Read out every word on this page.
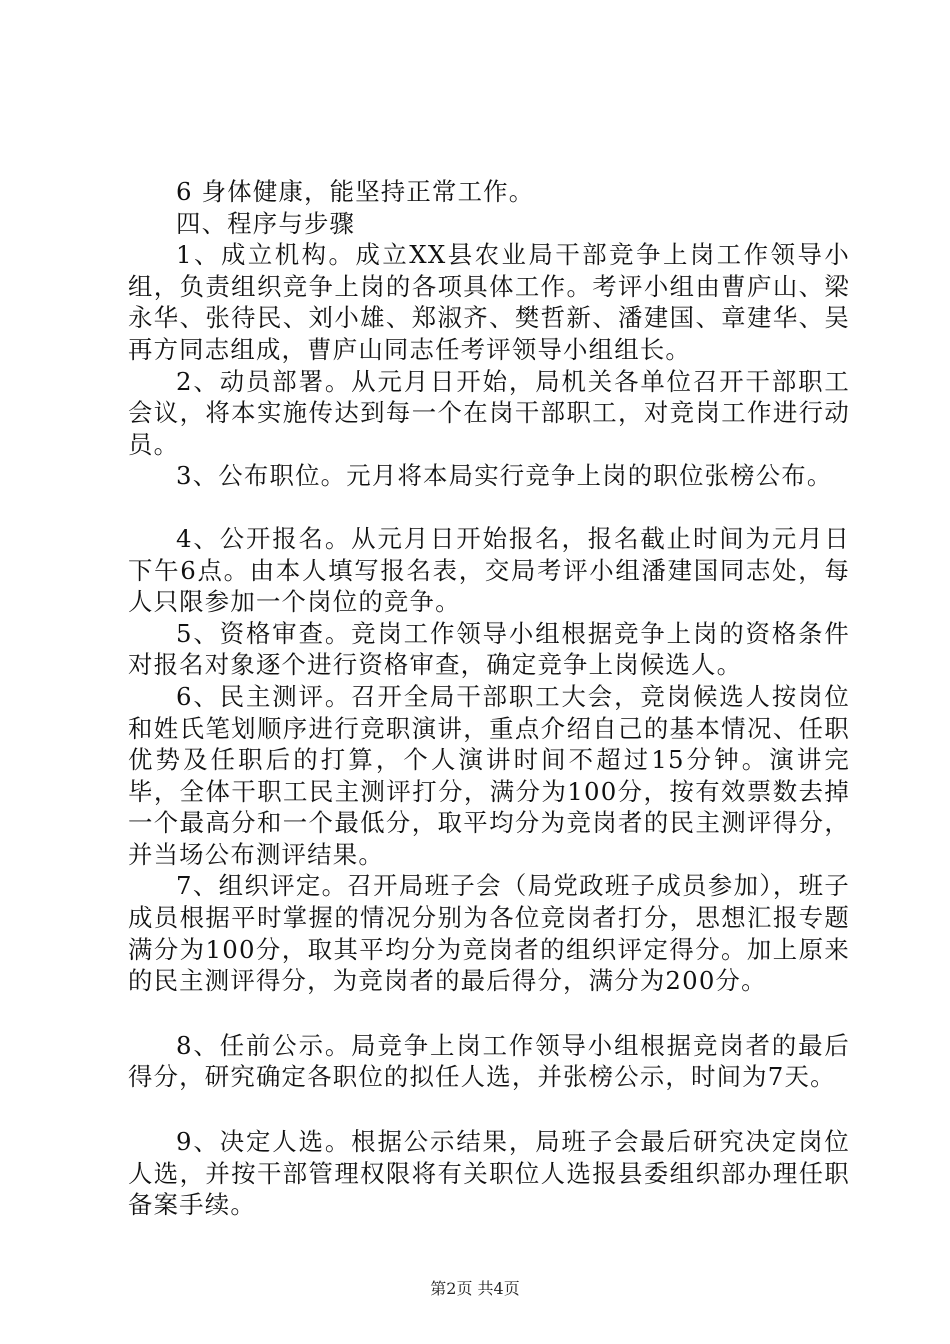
6 身体健康，能坚持正常工作。

四、程序与步骤

1、成立机构。成立XX县农业局干部竞争上岗工作领导小组，负责组织竞争上岗的各项具体工作。考评小组由曹庐山、梁永华、张待民、刘小雄、郑淑齐、樊哲新、潘建国、章建华、吴再方同志组成，曹庐山同志任考评领导小组组长。

2、动员部署。从元月日开始，局机关各单位召开干部职工会议，将本实施传达到每一个在岗干部职工，对竞岗工作进行动员。

3、公布职位。元月将本局实行竞争上岗的职位张榜公布。

4、公开报名。从元月日开始报名，报名截止时间为元月日下午6点。由本人填写报名表，交局考评小组潘建国同志处，每人只限参加一个岗位的竞争。

5、资格审查。竞岗工作领导小组根据竞争上岗的资格条件对报名对象逐个进行资格审查，确定竞争上岗候选人。

6、民主测评。召开全局干部职工大会，竞岗候选人按岗位和姓氏笔划顺序进行竞职演讲，重点介绍自己的基本情况、任职优势及任职后的打算，个人演讲时间不超过15分钟。演讲完毕，全体干职工民主测评打分，满分为100分，按有效票数去掉一个最高分和一个最低分，取平均分为竞岗者的民主测评得分，并当场公布测评结果。

7、组织评定。召开局班子会（局党政班子成员参加），班子成员根据平时掌握的情况分别为各位竞岗者打分，思想汇报专题满分为100分，取其平均分为竞岗者的组织评定得分。加上原来的民主测评得分，为竞岗者的最后得分，满分为200分。

8、任前公示。局竞争上岗工作领导小组根据竞岗者的最后得分，研究确定各职位的拟任人选，并张榜公示，时间为7天。

9、决定人选。根据公示结果，局班子会最后研究决定岗位人选，并按干部管理权限将有关职位人选报县委组织部办理任职备案手续。

第2页 共4页
